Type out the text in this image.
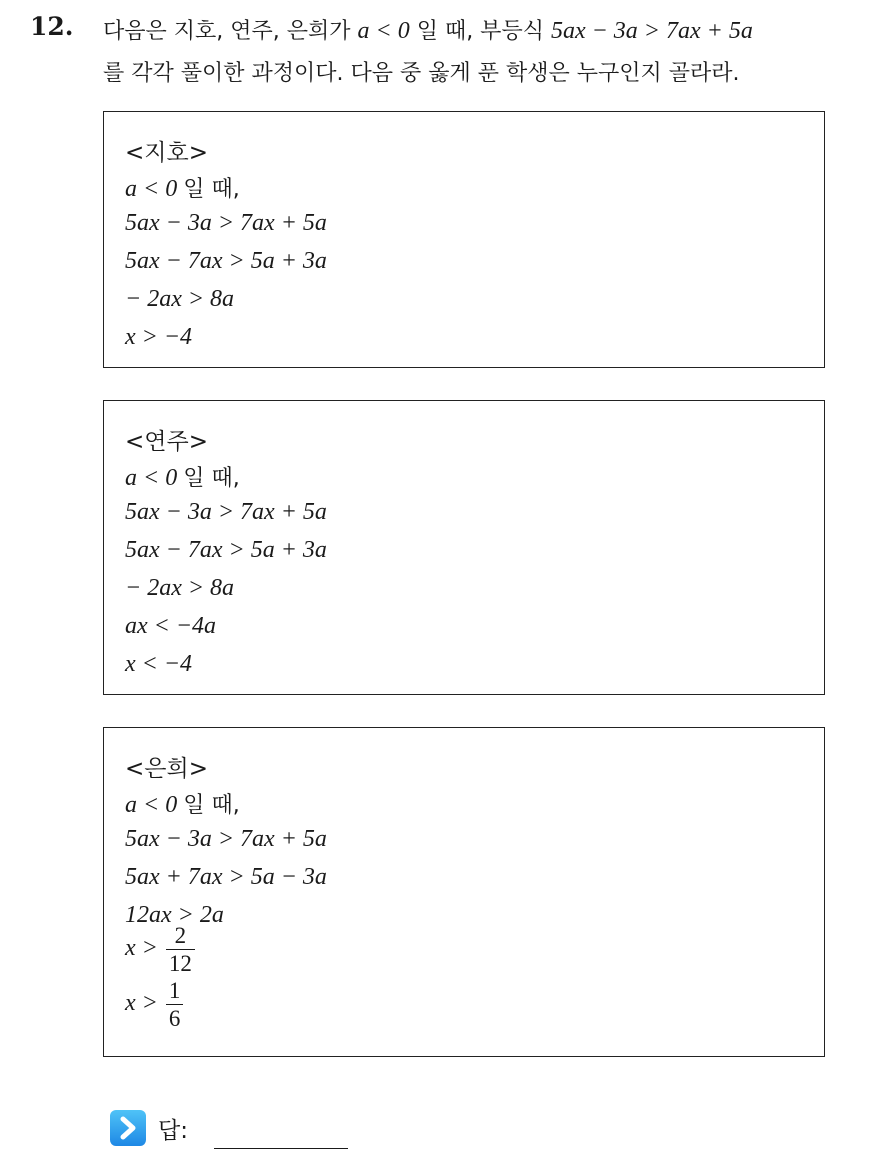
12. 다음은 지호, 연주, 은희가 a < 0 일 때, 부등식 5ax − 3a > 7ax + 5a
를 각각 풀이한 과정이다. 다음 중 옳게 푼 학생은 누구인지 골라라.
<지호>
a < 0 일 때,
5ax − 3a > 7ax + 5a
5ax − 7ax > 5a + 3a
− 2ax > 8a
x > −4
<연주>
a < 0 일 때,
5ax − 3a > 7ax + 5a
5ax − 7ax > 5a + 3a
− 2ax > 8a
ax < −4a
x < −4
<은희>
a < 0 일 때,
5ax − 3a > 7ax + 5a
5ax + 7ax > 5a − 3a
12ax > 2a
$x > \frac{2}{12}$
$x > \frac{1}{6}$
답:
